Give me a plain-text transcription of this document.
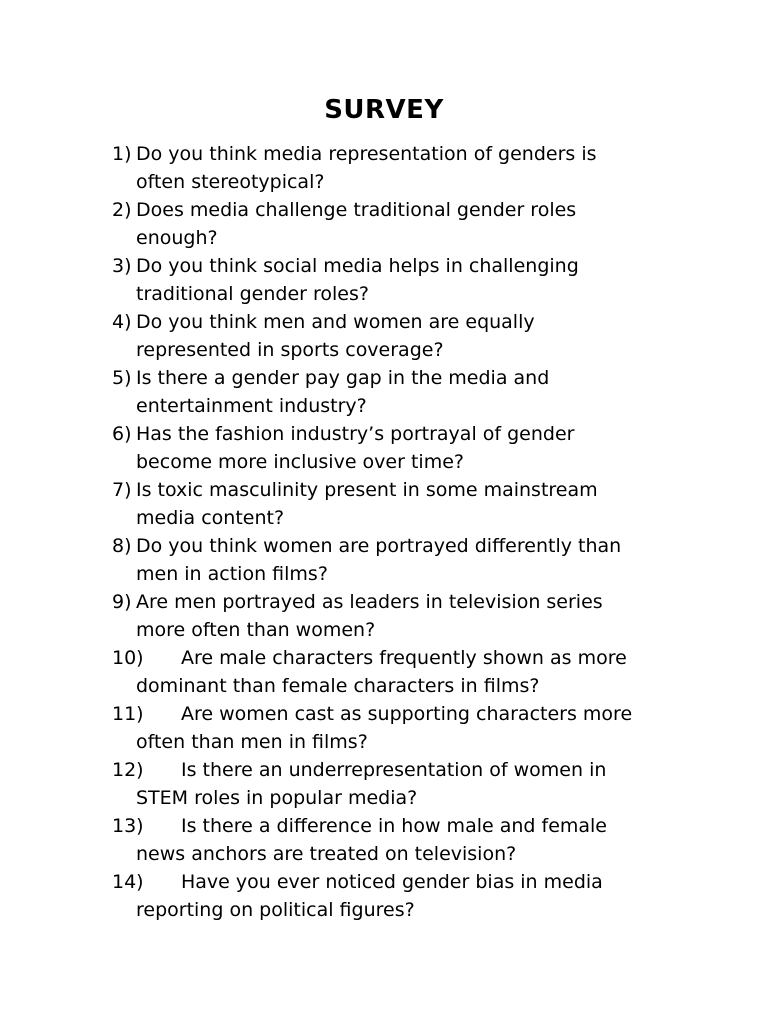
SURVEY
1) Do you think media representation of genders is
often stereotypical?
2) Does media challenge traditional gender roles
enough?
3) Do you think social media helps in challenging
traditional gender roles?
4) Do you think men and women are equally
represented in sports coverage?
5) Is there a gender pay gap in the media and
entertainment industry?
6) Has the fashion industry’s portrayal of gender
become more inclusive over time?
7) Is toxic masculinity present in some mainstream
media content?
8) Do you think women are portrayed differently than
men in action films?
9) Are men portrayed as leaders in television series
more often than women?
10)	Are male characters frequently shown as more
dominant than female characters in films?
11)	Are women cast as supporting characters more
often than men in films?
12)	Is there an underrepresentation of women in
STEM roles in popular media?
13)	Is there a difference in how male and female
news anchors are treated on television?
14)	Have you ever noticed gender bias in media
reporting on political figures?
